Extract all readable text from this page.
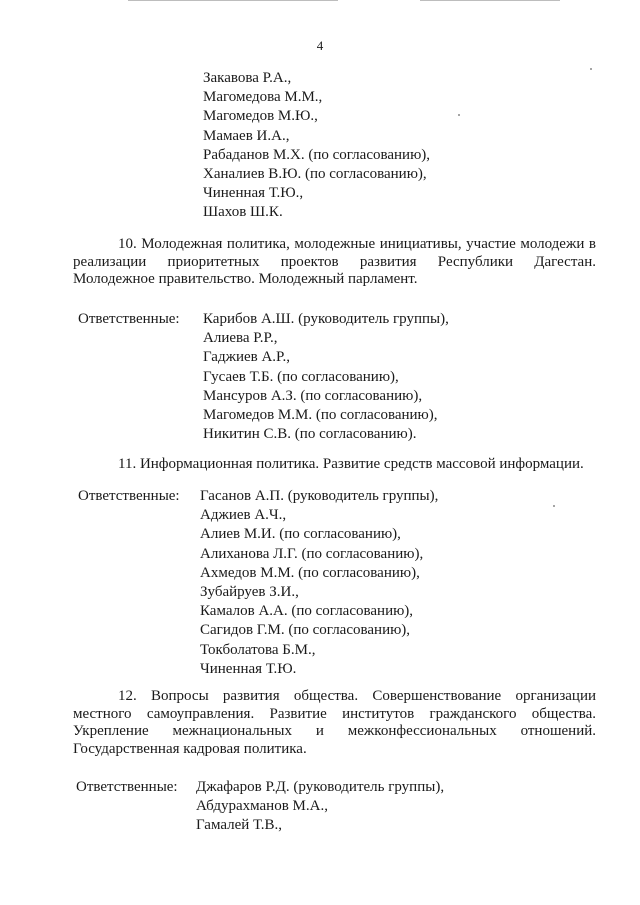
4
Закавова Р.А.,
Магомедова М.М.,
Магомедов М.Ю.,
Мамаев И.А.,
Рабаданов М.Х. (по согласованию),
Ханалиев В.Ю. (по согласованию),
Чиненная Т.Ю.,
Шахов Ш.К.
10. Молодежная политика, молодежные инициативы, участие молодежи в
реализации приоритетных проектов развития Республики Дагестан.
Молодежное правительство. Молодежный парламент.
Ответственные: Карибов А.Ш. (руководитель группы),
Алиева Р.Р.,
Гаджиев А.Р.,
Гусаев Т.Б. (по согласованию),
Мансуров А.З. (по согласованию),
Магомедов М.М. (по согласованию),
Никитин С.В. (по согласованию).
11. Информационная политика. Развитие средств массовой информации.
Ответственные: Гасанов А.П. (руководитель группы),
Аджиев А.Ч.,
Алиев М.И. (по согласованию),
Алиханова Л.Г. (по согласованию),
Ахмедов М.М. (по согласованию),
Зубайруев З.И.,
Камалов А.А. (по согласованию),
Сагидов Г.М. (по согласованию),
Токболатова Б.М.,
Чиненная Т.Ю.
12. Вопросы развития общества. Совершенствование организации
местного самоуправления. Развитие институтов гражданского общества.
Укрепление межнациональных и межконфессиональных отношений.
Государственная кадровая политика.
Ответственные: Джафаров Р.Д. (руководитель группы),
Абдурахманов М.А.,
Гамалей Т.В.,
